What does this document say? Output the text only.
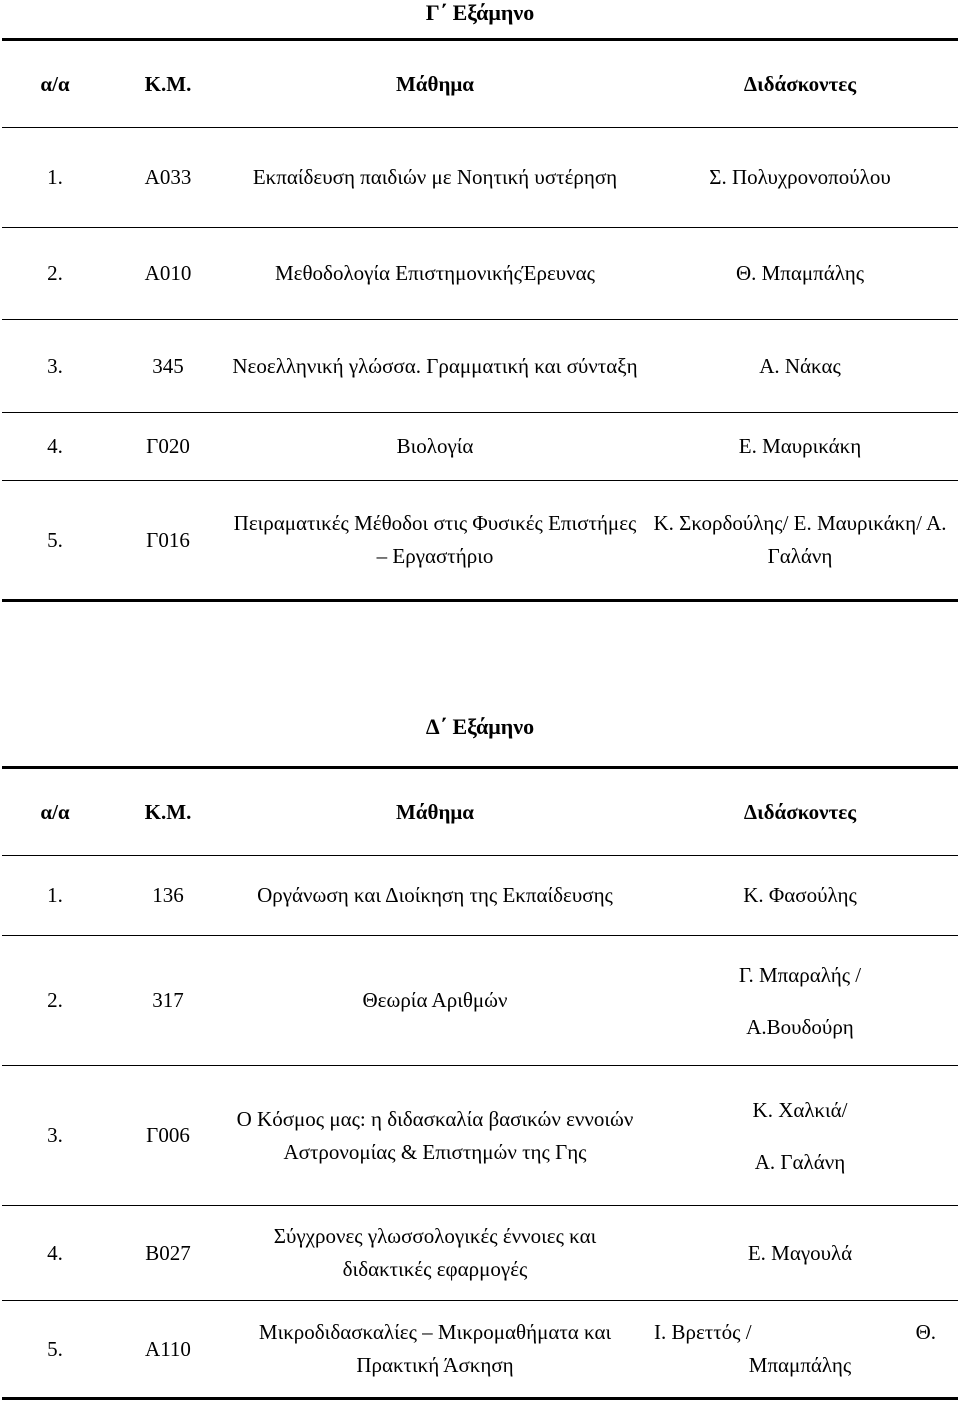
Γ΄ Εξάμηνο
α/α	Κ.Μ.	Μάθημα	Διδάσκοντες
1.	Α033	Εκπαίδευση παιδιών με Νοητική υστέρηση	Σ. Πολυχρονοπούλου
2.	Α010	Μεθοδολογία ΕπιστημονικήςΈρευνας	Θ. Μπαμπάλης
3.	345	Νεοελληνική γλώσσα. Γραμματική και σύνταξη	Α. Νάκας
4.	Γ020	Βιολογία	Ε. Μαυρικάκη
5.	Γ016	Πειραματικές Μέθοδοι στις Φυσικές Επιστήμες – Εργαστήριο	Κ. Σκορδούλης/ Ε. Μαυρικάκη/ Α. Γαλάνη
Δ΄ Εξάμηνο
α/α	Κ.Μ.	Μάθημα	Διδάσκοντες
1.	136	Οργάνωση και Διοίκηση της Εκπαίδευσης	Κ. Φασούλης
2.	317	Θεωρία Αριθμών	Γ. Μπαραλής /
Α.Βουδούρη

3.	Γ006	Ο Κόσμος μας: η διδασκαλία βασικών εννοιών Αστρονομίας & Επιστημών της Γης	Κ. Χαλκιά/
Α. Γαλάνη

4.	Β027	Σύγχρονες γλωσσολογικές έννοιες και διδακτικές εφαρμογές	Ε. Μαγουλά
5.	Α110	Μικροδιδασκαλίες – Μικρομαθήματα και Πρακτική Άσκηση	Ι. Βρεττός / Θ.
Μπαμπάλης
